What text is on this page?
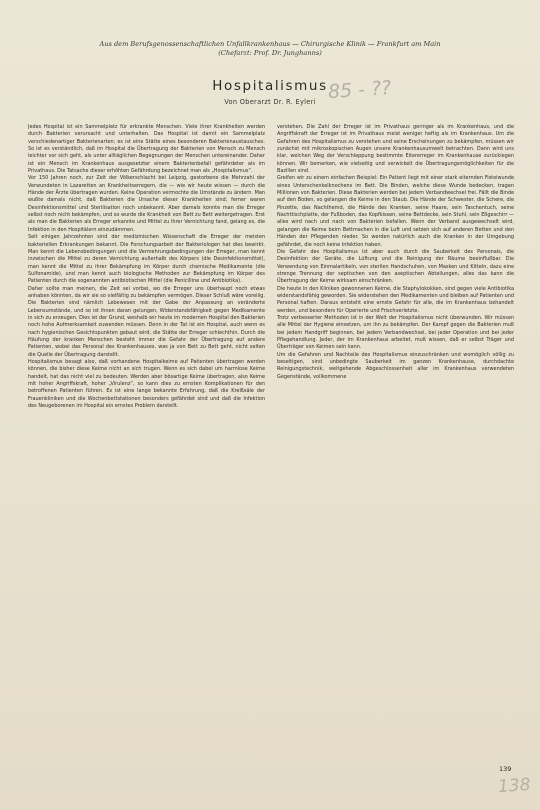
Aus dem Berufsgenossenschaftlichen Unfallkrankenhaus — Chirurgische Klinik — Frankfurt am Main
(Chefarzt: Prof. Dr. Junghanns)
Hospitalismus
Von Oberarzt Dr. R. Eyleri 85 - ??

Jedes Hospital ist ein Sammelplatz für erkrankte Menschen. Viele ihrer Krankheiten werden durch Bakterien verursacht und unterhalten. Das Hospital ist damit ein Sammelplatz verschiedenartiger Bakterienarten; es ist eine Stätte eines besonderen Bakterienaustausches. So ist es verständlich, daß im Hospital die Übertragung der Bakterien von Mensch zu Mensch leichter vor sich geht, als unter alltäglichen Begegnungen der Menschen untereinander. Daher ist ein Mensch im Krankenhaus ausgesetzter einem Bakterienbefall gefährdeter als im Privathaus. Die Tatsache dieser erhöhten Gefährdung bezeichnet man als „Hospitalismus“.

Vor 150 Jahren noch, zur Zeit der Völkerschlacht bei Leipzig, gestorbene die Mehrzahl der Verwundeten in Lazaretten an Krankheitserregern, die — wie wir heute wissen — durch die Hände der Ärzte übertragen wurden. Keine Operation vermochte die Umstände zu ändern. Man wußte damals nicht, daß Bakterien die Ursache dieser Krankheiten sind; ferner waren Desinfektionsmittel und Sterilisation noch unbekannt. Aber damals konnte man die Erreger selbst noch nicht bekämpfen, und so wurde die Krankheit von Bett zu Bett weitergetragen. Erst als man die Bakterien als Erreger erkannte und Mittel zu ihrer Vernichtung fand, gelang es, die Infektion in den Hospitälern einzudämmen.

Seit einigen Jahrzehnten sind der medizinischen Wissenschaft die Erreger der meisten bakteriellen Erkrankungen bekannt. Die Forschungsarbeit der Bakteriologen hat dies bewirkt. Man kennt die Lebensbedingungen und die Vermehrungsbedingungen der Erreger, man kennt inzwischen die Mittel zu deren Vernichtung außerhalb des Körpers (die Desinfektionsmittel), man kennt die Mittel zu ihrer Bekämpfung im Körper durch chemische Medikamente (die Sulfonamide), und man kennt auch biologische Methoden zur Bekämpfung im Körper des Patienten durch die sogenannten antibiotischen Mittel (die Penicilline und Antibiotika).

Daher sollte man meinen, die Zeit sei vorbei, wo die Erreger uns überhaupt noch etwas anhaben könnten, da wir sie so vielfältig zu bekämpfen vermögen. Dieser Schluß wäre voreilig. Die Bakterien sind nämlich Lebewesen mit der Gabe der Anpassung an veränderte Lebensumstände, und so ist ihnen daran gelungen, Widerstandsfähigkeit gegen Medikamente in sich zu erzeugen. Dies ist der Grund, weshalb wir heute im modernen Hospital den Bakterien noch hohe Aufmerksamkeit zuwenden müssen. Denn in der Tat ist ein Hospital, auch wenn es nach hygienischen Gesichtspunkten gebaut wird, die Stätte der Erreger schlechthin. Durch die Häufung der kranken Menschen besteht immer die Gefahr der Übertragung auf andere Patienten, wobei das Personal des Krankenhauses, was ja von Bett zu Bett geht, nicht selten die Quelle der Übertragung darstellt.

Hospitalismus besagt also, daß vorhandene Hospitalkeime auf Patienten übertragen werden können, die bisher diese Keime nicht an sich trugen. Wenn es sich dabei um harmlose Keime handelt, hat das nicht viel zu bedeuten. Werden aber bösartige Keime übertragen, also Keime mit hoher Angriffskraft, hoher „Virulenz“, so kann dies zu ernsten Komplikationen für den betroffenen Patienten führen. Es ist eine lange bekannte Erfahrung, daß die Kreißsäle der Frauenkliniken und die Wochenbettstationen besonders gefährdet sind und daß die Infektion des Neugeborenen im Hospital ein ernstes Problem darstellt.

verstehen. Die Zahl der Erreger ist im Privathaus geringer als im Krankenhaus, und die Angriffskraft der Erreger ist im Privathaus meist weniger heftig als im Krankenhaus. Um die Gefahren des Hospitalismus zu verstehen und seine Erscheinungen zu bekämpfen, müssen wir zunächst mit mikroskopischen Augen unsere Krankenhausumwelt betrachten. Dann wird uns klar, welchen Weg der Verschleppung bestimmte Eitererreger im Krankenhause zurücklegen können. Wir bemerken, wie vielseitig und verwickelt die Übertragungsmöglichkeiten für die Bazillen sind.

Greifen wir zu einem einfachen Beispiel: Ein Patient liegt mit einer stark eiternden Fisteiwunde eines Unterschenkelknochens im Bett. Die Binden, welche diese Wunde bedecken, tragen Millionen von Bakterien. Diese Bakterien werden bei jedem Verbandwechsel frei. Fällt die Binde auf den Boden, so gelangen die Keime in den Staub. Die Hände der Schwester, die Schere, die Pinzette, das Nachthemd, die Hände des Kranken, seine Haare, sein Taschentuch, seine Nachttischplatte, der Fußboden, das Kopfkissen, seine Bettdecke, sein Stuhl, sein Eßgeschirr — alles wird nach und nach von Bakterien befallen. Wenn der Verband ausgewechselt wird, gelangen die Keime beim Bettmachen in die Luft und setzen sich auf anderen Betten und den Händen der Pflegenden nieder. So werden natürlich auch die Kranken in der Umgebung gefährdet, die noch keine Infektion haben.

Die Gefahr des Hospitalismus ist aber auch durch die Sauberkeit des Personals, die Desinfektion der Geräte, die Lüftung und die Reinigung der Räume beeinflußbar. Die Verwendung von Einmalartikeln, von sterilen Handschuhen, von Masken und Kitteln, dazu eine strenge Trennung der septischen von den aseptischen Abteilungen, alles das kann die Übertragung der Keime wirksam einschränken.

Die heute in den Kliniken gewonnenen Keime, die Staphylokokken, sind gegen viele Antibiotika widerstandsfähig geworden. Sie widerstehen den Medikamenten und bleiben auf Patienten und Personal haften. Daraus entsteht eine ernste Gefahr für alle, die im Krankenhaus behandelt werden, und besonders für Operierte und Frischverletzte.

Trotz verbesserter Methoden ist in der Welt der Hospitalismus nicht überwunden. Wir müssen alle Mittel der Hygiene einsetzen, um ihn zu bekämpfen. Der Kampf gegen die Bakterien muß bei jedem Handgriff beginnen, bei jedem Verbandwechsel, bei jeder Operation und bei jeder Pflegehandlung. Jeder, der im Krankenhaus arbeitet, muß wissen, daß er selbst Träger und Überträger von Keimen sein kann.

Um die Gefahren und Nachteile des Hospitalismus einzuschränken und womöglich völlig zu beseitigen, sind unbedingte Sauberkeit im ganzen Krankenhause, durchdachte Reinigungstechnik, weitgehende Abgeschlossenheit aller im Krankenhaus verwendeten Gegenstände, vollkommene

139
138
